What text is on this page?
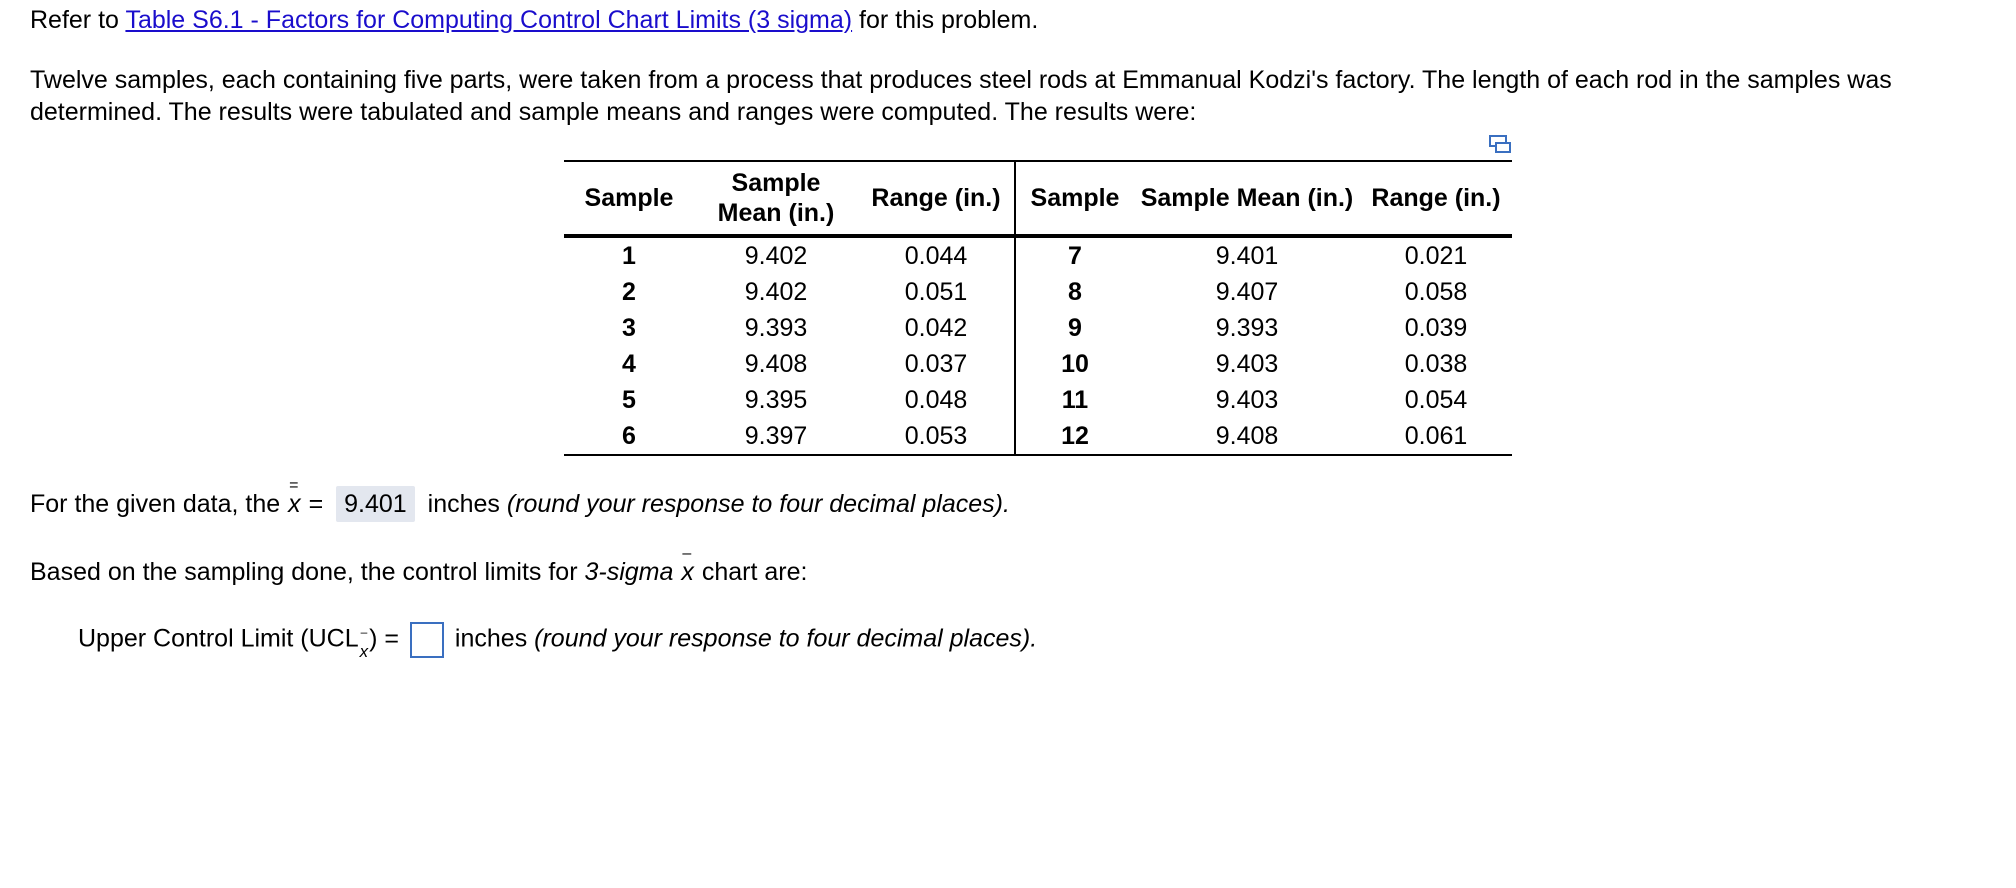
Refer to Table S6.1 - Factors for Computing Control Chart Limits (3 sigma) for this problem.
Twelve samples, each containing five parts, were taken from a process that produces steel rods at Emmanual Kodzi's factory. The length of each rod in the samples was determined. The results were tabulated and sample means and ranges were computed. The results were:
Sample	Sample Mean (in.)	Range (in.)	Sample	Sample Mean (in.)	Range (in.)
1	9.402	0.044	7	9.401	0.021
2	9.402	0.051	8	9.407	0.058
3	9.393	0.042	9	9.393	0.039
4	9.408	0.037	10	9.403	0.038
5	9.395	0.048	11	9.403	0.054
6	9.397	0.053	12	9.408	0.061
For the given data, the
=
x = 9.401 inches (round your response to four decimal places).
Based on the sampling done, the control limits for 3-sigma
–
x chart are:
Upper Control Limit (UCL –
x) = inches (round your response to four decimal places).
